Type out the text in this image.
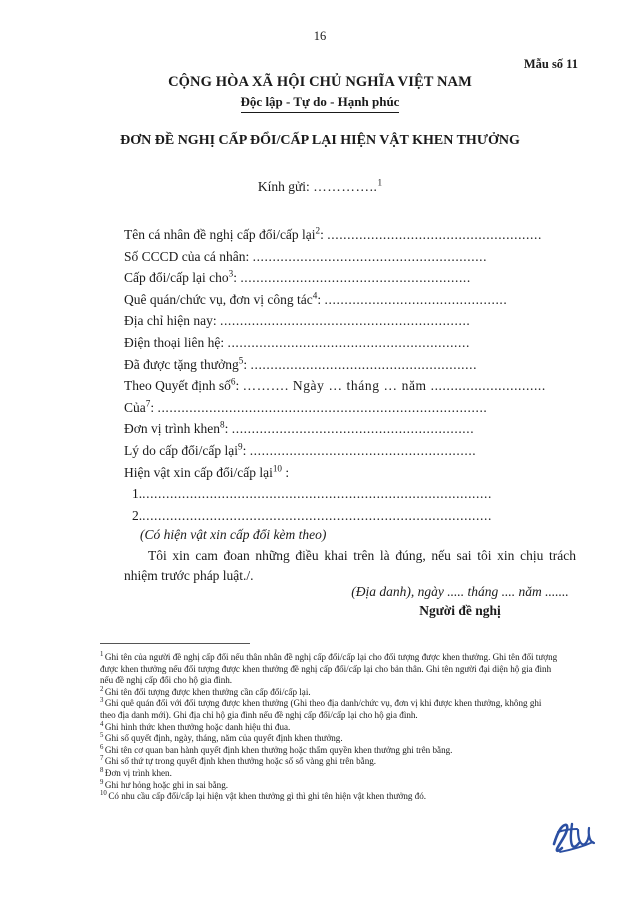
16
Mẫu số 11
CỘNG HÒA XÃ HỘI CHỦ NGHĨA VIỆT NAM
Độc lập - Tự do - Hạnh phúc
ĐƠN ĐỀ NGHỊ CẤP ĐỔI/CẤP LẠI HIỆN VẬT KHEN THƯỞNG
Kính gửi: …………..$^1$
Tên cá nhân đề nghị cấp đổi/cấp lại$^2$: ......................................................
Số CCCD của cá nhân: ...........................................................
Cấp đổi/cấp lại cho$^3$: ..........................................................
Quê quán/chức vụ, đơn vị công tác$^4$: ..............................................
Địa chỉ hiện nay: ...............................................................
Điện thoại liên hệ: .............................................................
Đã được tặng thưởng$^5$: .........................................................
Theo Quyết định số$^6$: ………. Ngày … tháng … năm .............................
Của$^7$: ...................................................................................
Đơn vị trình khen$^8$: .............................................................
Lý do cấp đổi/cấp lại$^9$: .........................................................
Hiện vật xin cấp đổi/cấp lại$^{10}$ :
1.........................................................................................
2.........................................................................................
(Có hiện vật xin cấp đổi kèm theo)
Tôi xin cam đoan những điều khai trên là đúng, nếu sai tôi xin chịu trách nhiệm trước pháp luật./.
(Địa danh), ngày ..... tháng .... năm .......
Người đề nghị

$^1$ Ghi tên của người đề nghị cấp đổi nếu thân nhân đề nghị cấp đổi/cấp lại cho đối tượng được khen thưởng. Ghi tên đối tượng được khen thưởng nếu đối tượng được khen thưởng đề nghị cấp đổi/cấp lại cho bản thân. Ghi tên người đại diện hộ gia đình nếu đề nghị cấp đổi cho hộ gia đình.

$^2$ Ghi tên đối tượng được khen thưởng cần cấp đổi/cấp lại.

$^3$ Ghi quê quán đối với đối tượng được khen thưởng (Ghi theo địa danh/chức vụ, đơn vị khi được khen thưởng, không ghi theo địa danh mới). Ghi địa chỉ hộ gia đình nếu đề nghị cấp đổi/cấp lại cho hộ gia đình.

$^4$ Ghi hình thức khen thưởng hoặc danh hiệu thi đua.

$^5$ Ghi số quyết định, ngày, tháng, năm của quyết định khen thưởng.

$^6$ Ghi tên cơ quan ban hành quyết định khen thưởng hoặc thẩm quyền khen thưởng ghi trên bằng.

$^7$ Ghi số thứ tự trong quyết định khen thưởng hoặc số sổ vàng ghi trên bằng.

$^8$ Đơn vị trình khen.

$^9$ Ghi hư hỏng hoặc ghi in sai bằng.

$^{10}$ Có nhu cầu cấp đổi/cấp lại hiện vật khen thưởng gì thì ghi tên hiện vật khen thưởng đó.
